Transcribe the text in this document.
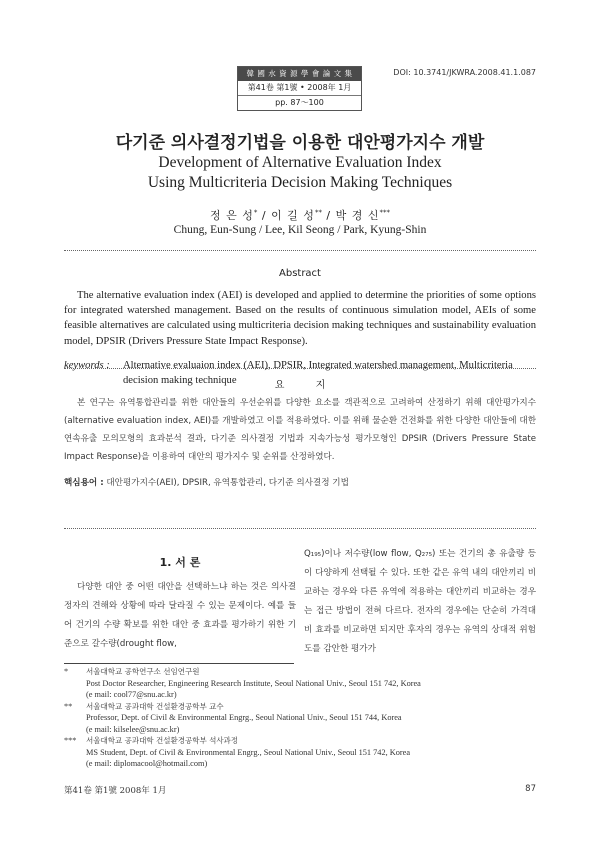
韓 國 水 資 源 學 會 論 文 集
第41卷 第1號 • 2008年 1月
pp. 87～100
DOI: 10.3741/JKWRA.2008.41.1.087
다기준 의사결정기법을 이용한 대안평가지수 개발
Development of Alternative Evaluation Index
Using Multicriteria Decision Making Techniques
정 은 성* / 이 길 성** / 박 경 신***
Chung, Eun-Sung / Lee, Kil Seong / Park, Kyung-Shin
Abstract
The alternative evaluation index (AEI) is developed and applied to determine the priorities of some options for integrated watershed management. Based on the results of continuous simulation model, AEIs of some feasible alternatives are calculated using multicriteria decision making techniques and sustainability evaluation model, DPSIR (Drivers Pressure State Impact Response).
keywords :	Alternative evaluaion index (AEI), DPSIR, Integrated watershed management, Multicriteria decision making technique	요 지
본 연구는 유역통합관리를 위한 대안들의 우선순위를 다양한 요소를 객관적으로 고려하여 산정하기 위해 대안평가지수(alternative evaluation index, AEI)를 개발하였고 이를 적용하였다. 이를 위해 물순환 건전화를 위한 다양한 대안들에 대한 연속유출 모의모형의 효과분석 결과, 다기준 의사결정 기법과 지속가능성 평가모형인 DPSIR (Drivers Pressure State Impact Response)을 이용하여 대안의 평가지수 및 순위를 산정하였다.
핵심용어 : 대안평가지수(AEI), DPSIR, 유역통합관리, 다기준 의사결정 기법
1. 서 론
다양한 대안 중 어떤 대안을 선택하느냐 하는 것은 의사결정자의 견해와 상황에 따라 달라질 수 있는 문제이다. 예를 들어 건기의 수량 확보를 위한 대안 중 효과를 평가하기 위한 기준으로 갈수량(drought flow,
Q₁₉₅)이나 저수량(low flow, Q₂₇₅) 또는 건기의 총 유출량 등이 다양하게 선택될 수 있다. 또한 같은 유역 내의 대안끼리 비교하는 경우와 다른 유역에 적용하는 대안끼리 비교하는 경우는 접근 방법이 전혀 다르다. 전자의 경우에는 단순히 가격대비 효과를 비교하면 되지만 후자의 경우는 유역의 상대적 위험도를 감안한 평가가
* 서울대학교 공학연구소 선임연구원
Post Doctor Researcher, Engineering Research Institute, Seoul National Univ., Seoul 151 742, Korea
(e mail: cool77@snu.ac.kr)
** 서울대학교 공과대학 건설환경공학부 교수
Professor, Dept. of Civil & Environmental Engrg., Seoul National Univ., Seoul 151 744, Korea
(e mail: kilselee@snu.ac.kr)
*** 서울대학교 공과대학 건설환경공학부 석사과정
MS Student, Dept. of Civil & Environmental Engrg., Seoul National Univ., Seoul 151 742, Korea
(e mail: diplomacool@hotmail.com)
第41卷 第1號 2008年 1月	87
